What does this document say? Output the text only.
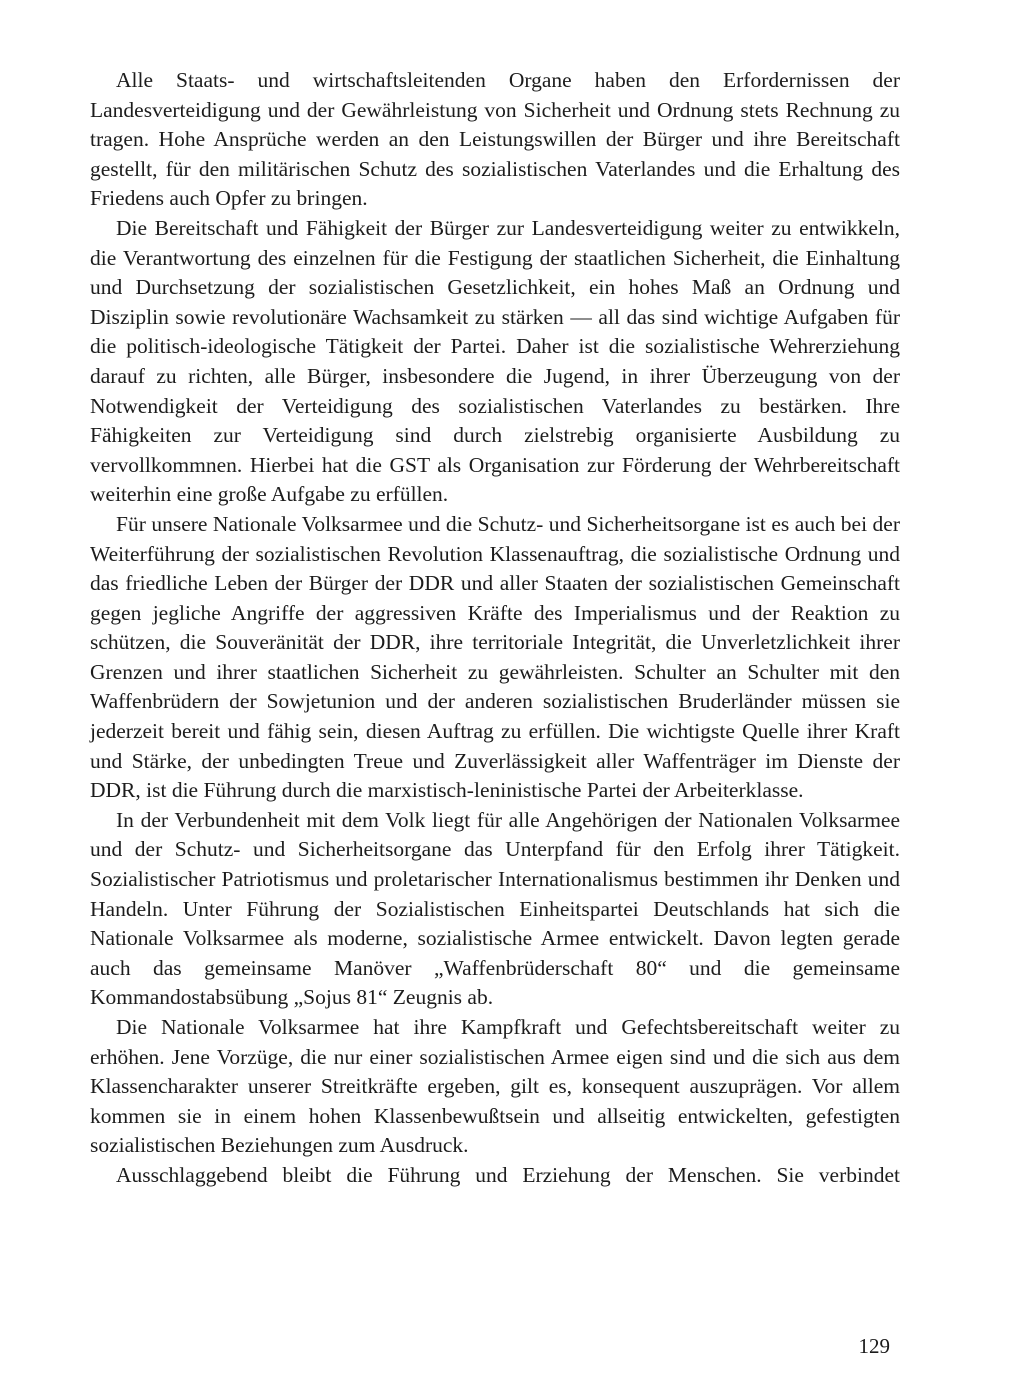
Alle Staats- und wirtschaftsleitenden Organe haben den Erfordernissen der Landesverteidigung und der Gewährleistung von Sicherheit und Ordnung stets Rechnung zu tragen. Hohe Ansprüche werden an den Leistungswillen der Bürger und ihre Bereitschaft gestellt, für den militärischen Schutz des sozialistischen Vaterlandes und die Erhaltung des Friedens auch Opfer zu bringen.

Die Bereitschaft und Fähigkeit der Bürger zur Landesverteidigung weiter zu entwikkeln, die Verantwortung des einzelnen für die Festigung der staatlichen Sicherheit, die Einhaltung und Durchsetzung der sozialistischen Gesetzlichkeit, ein hohes Maß an Ordnung und Disziplin sowie revolutionäre Wachsamkeit zu stärken — all das sind wichtige Aufgaben für die politisch-ideologische Tätigkeit der Partei. Daher ist die sozialistische Wehrerziehung darauf zu richten, alle Bürger, insbesondere die Jugend, in ihrer Überzeugung von der Notwendigkeit der Verteidigung des sozialistischen Vaterlandes zu bestärken. Ihre Fähigkeiten zur Verteidigung sind durch zielstrebig organisierte Ausbildung zu vervollkommnen. Hierbei hat die GST als Organisation zur Förderung der Wehrbereitschaft weiterhin eine große Aufgabe zu erfüllen.

Für unsere Nationale Volksarmee und die Schutz- und Sicherheitsorgane ist es auch bei der Weiterführung der sozialistischen Revolution Klassenauftrag, die sozialistische Ordnung und das friedliche Leben der Bürger der DDR und aller Staaten der sozialistischen Gemeinschaft gegen jegliche Angriffe der aggressiven Kräfte des Imperialismus und der Reaktion zu schützen, die Souveränität der DDR, ihre territoriale Integrität, die Unverletzlichkeit ihrer Grenzen und ihrer staatlichen Sicherheit zu gewährleisten. Schulter an Schulter mit den Waffenbrüdern der Sowjetunion und der anderen sozialistischen Bruderländer müssen sie jederzeit bereit und fähig sein, diesen Auftrag zu erfüllen. Die wichtigste Quelle ihrer Kraft und Stärke, der unbedingten Treue und Zuverlässigkeit aller Waffenträger im Dienste der DDR, ist die Führung durch die marxistisch-leninistische Partei der Arbeiterklasse.

In der Verbundenheit mit dem Volk liegt für alle Angehörigen der Nationalen Volksarmee und der Schutz- und Sicherheitsorgane das Unterpfand für den Erfolg ihrer Tätigkeit. Sozialistischer Patriotismus und proletarischer Internationalismus bestimmen ihr Denken und Handeln. Unter Führung der Sozialistischen Einheitspartei Deutschlands hat sich die Nationale Volksarmee als moderne, sozialistische Armee entwickelt. Davon legten gerade auch das gemeinsame Manöver „Waffenbrüderschaft 80“ und die gemeinsame Kommandostabsübung „Sojus 81“ Zeugnis ab.

Die Nationale Volksarmee hat ihre Kampfkraft und Gefechtsbereitschaft weiter zu erhöhen. Jene Vorzüge, die nur einer sozialistischen Armee eigen sind und die sich aus dem Klassencharakter unserer Streitkräfte ergeben, gilt es, konsequent auszuprägen. Vor allem kommen sie in einem hohen Klassenbewußtsein und allseitig entwickelten, gefestigten sozialistischen Beziehungen zum Ausdruck.

Ausschlaggebend bleibt die Führung und Erziehung der Menschen. Sie verbindet

129
